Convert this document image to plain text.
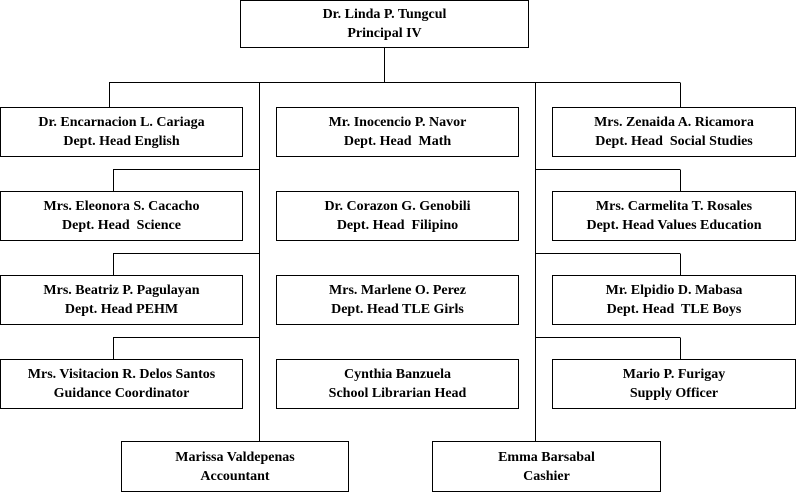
Dr. Linda P. Tungcul
Principal IV
Dr. Encarnacion L. Cariaga
Dept. Head English
Mrs. Eleonora S. Cacacho
Dept. Head  Science
Mrs. Beatriz P. Pagulayan
Dept. Head PEHM
Mrs. Visitacion R. Delos Santos
Guidance Coordinator
Mr. Inocencio P. Navor
Dept. Head  Math
Dr. Corazon G. Genobili
Dept. Head  Filipino
Mrs. Marlene O. Perez
Dept. Head TLE Girls
Cynthia Banzuela
School Librarian Head
Mrs. Zenaida A. Ricamora
Dept. Head  Social Studies
Mrs. Carmelita T. Rosales
Dept. Head Values Education
Mr. Elpidio D. Mabasa
Dept. Head  TLE Boys
Mario P. Furigay
Supply Officer
Marissa Valdepenas
Accountant
Emma Barsabal
Cashier
